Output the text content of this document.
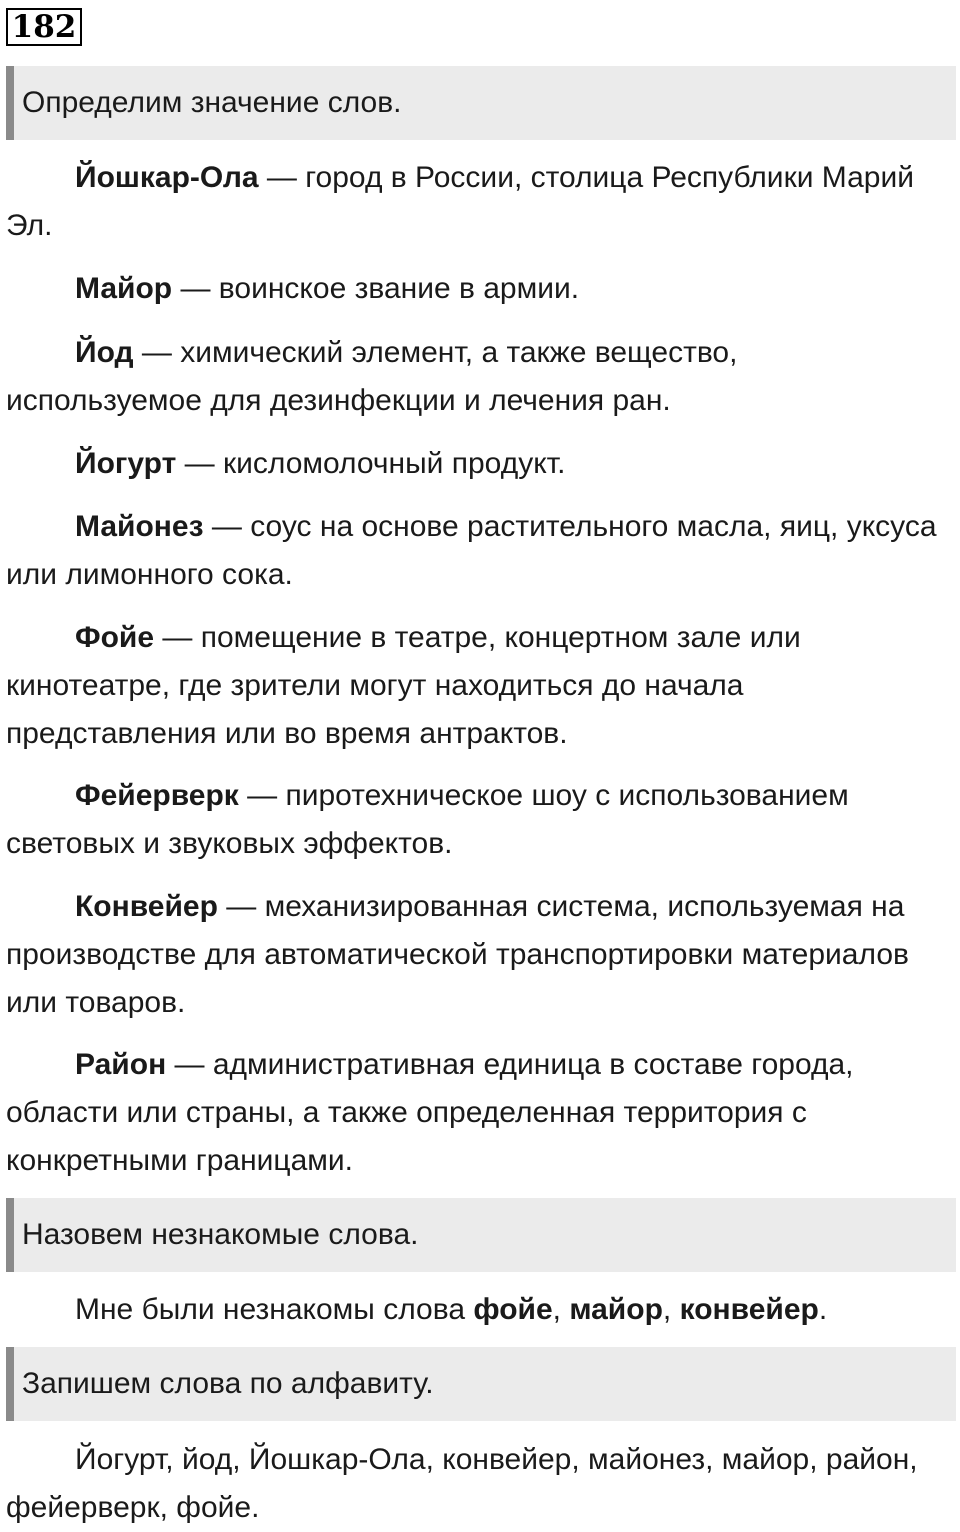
182
Определим значение слов.

Йошкар-Ола — город в России, столица Республики Марий Эл.

Майор — воинское звание в армии.

Йод — химический элемент, а также вещество, используемое для дезинфекции и лечения ран.

Йогурт — кисломолочный продукт.

Майонез — соус на основе растительного масла, яиц, уксуса или лимонного сока.

Фойе — помещение в театре, концертном зале или кинотеатре, где зрители могут находиться до начала представления или во время антрактов.

Фейерверк — пиротехническое шоу с использованием световых и звуковых эффектов.

Конвейер — механизированная система, используемая на производстве для автоматической транспортировки материалов или товаров.

Район — административная единица в составе города, области или страны, а также определенная территория с конкретными границами.

Назовем незнакомые слова.

Мне были незнакомы слова фойе, майор, конвейер.

Запишем слова по алфавиту.

Йогурт, йод, Йошкар-Ола, конвейер, майонез, майор, район, фейерверк, фойе.
